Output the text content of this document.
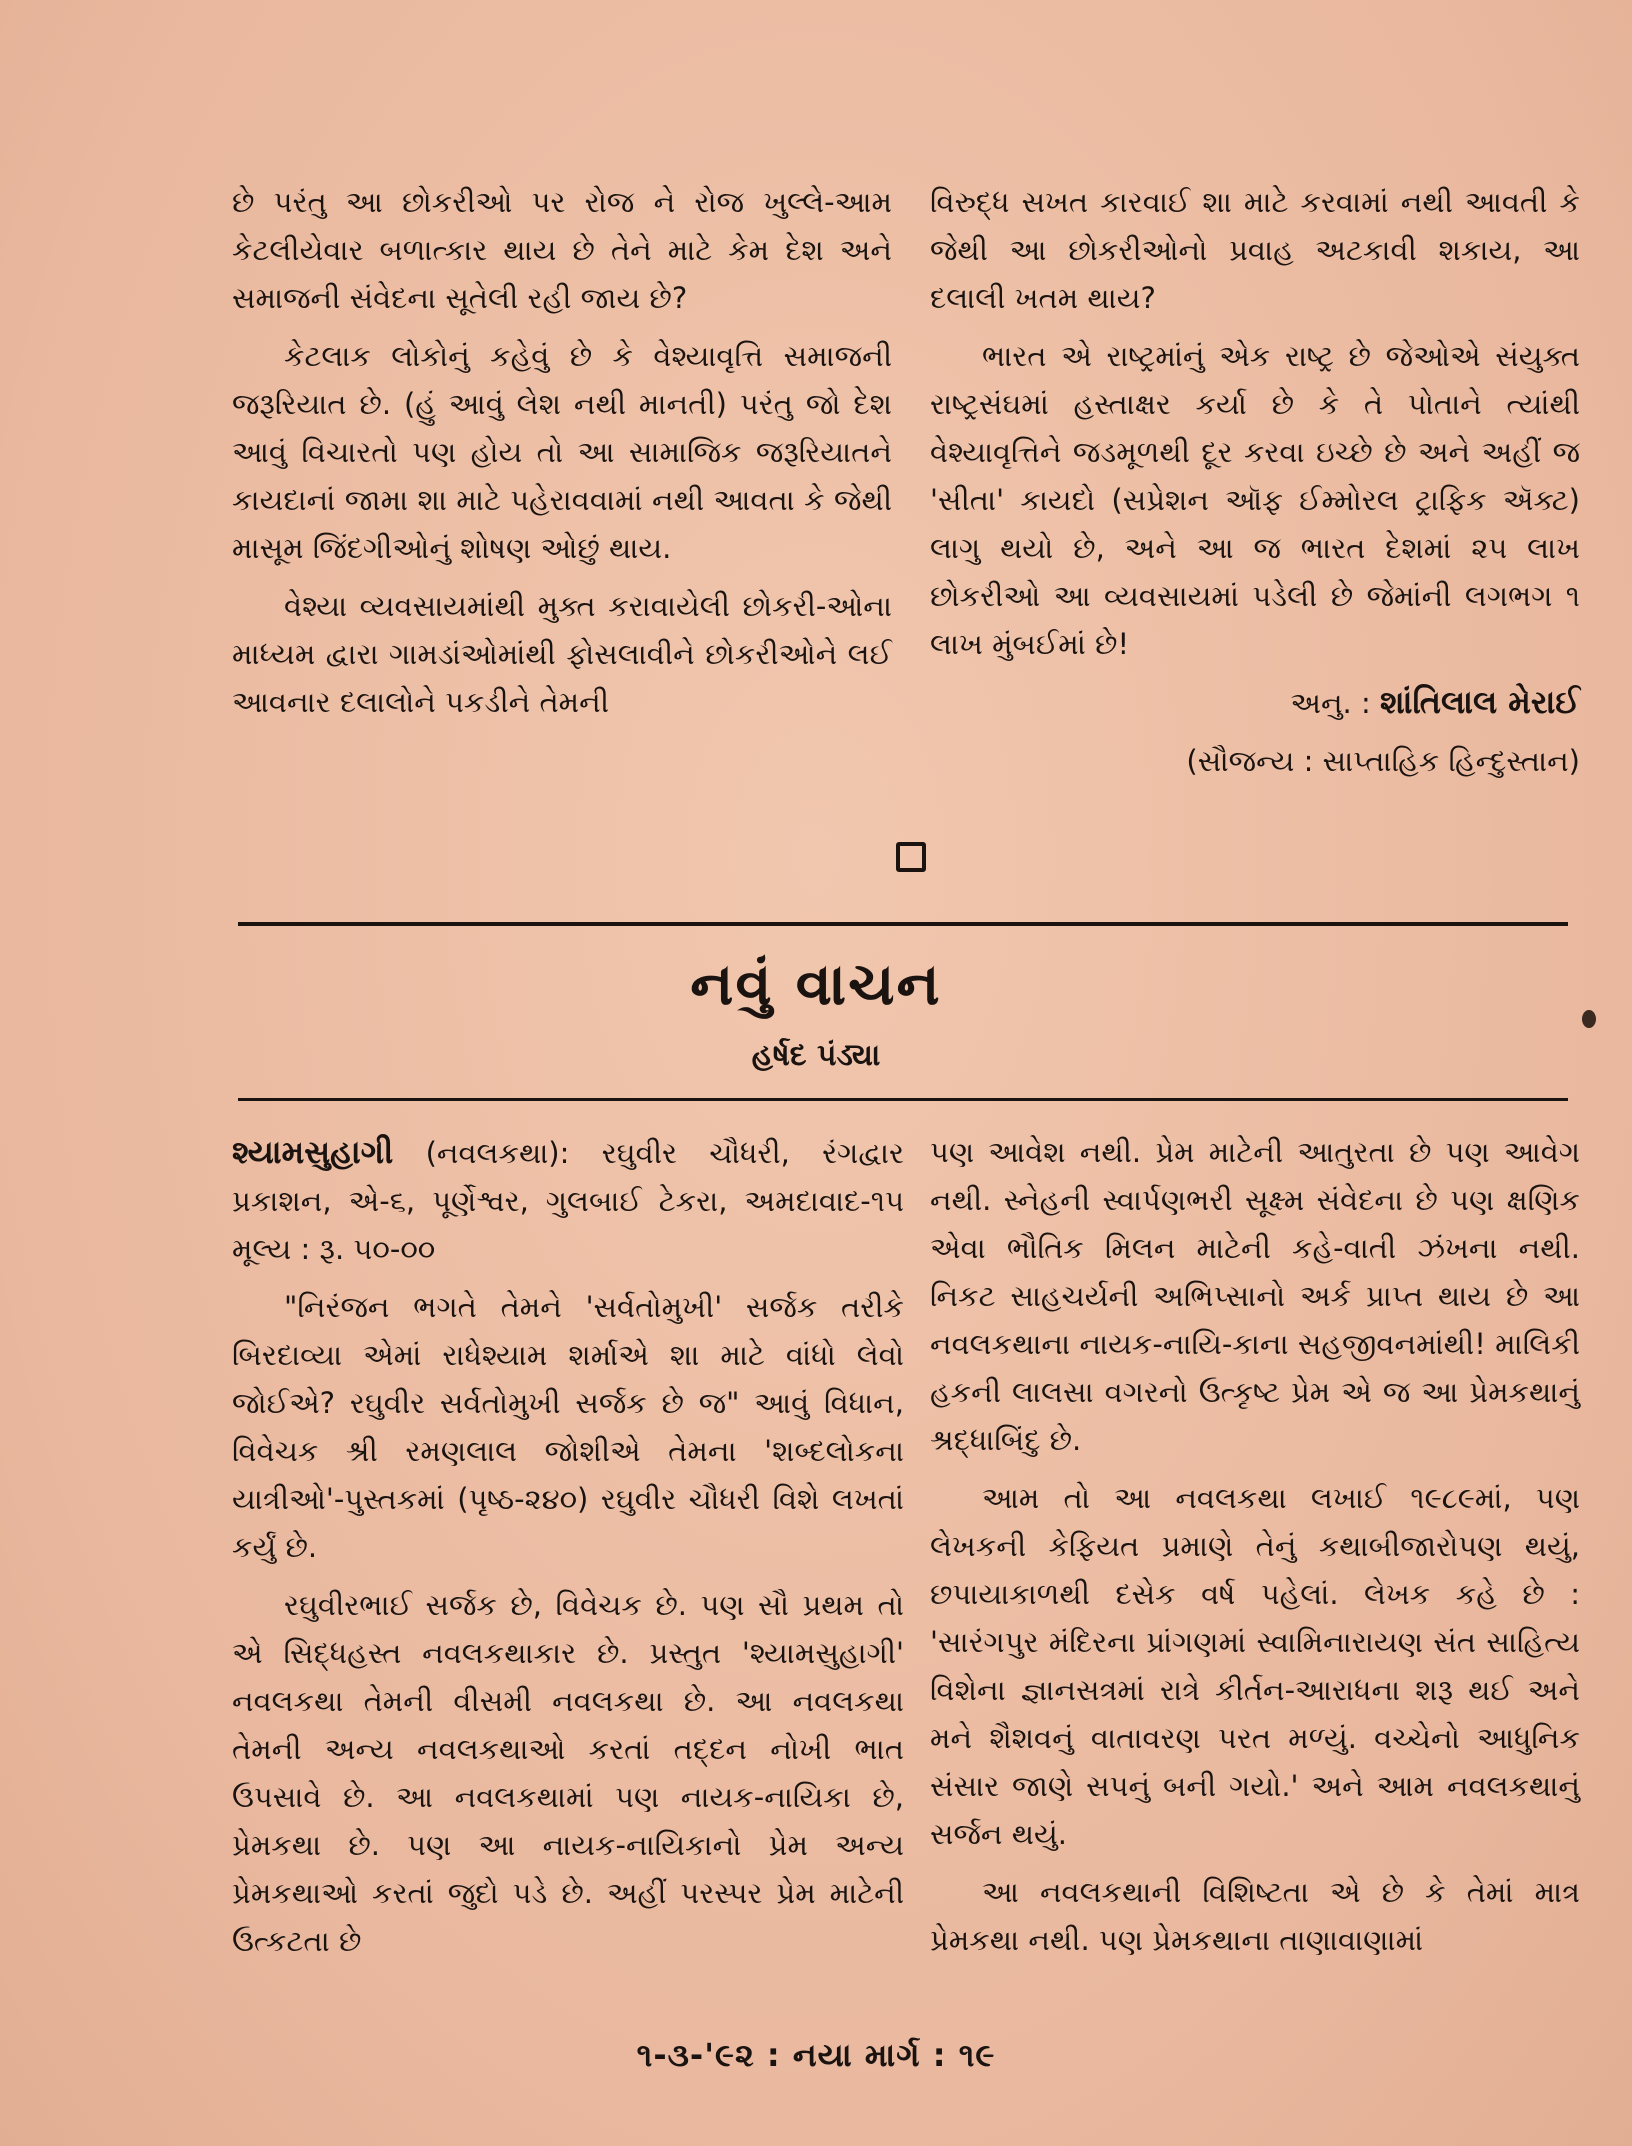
છે પરંતુ આ છોકરીઓ પર રોજ ને રોજ ખુલ્લે-આમ કેટલીયેવાર બળાત્કાર થાય છે તેને માટે કેમ દેશ અને સમાજની સંવેદના સૂતેલી રહી જાય છે?

કેટલાક લોકોનું કહેવું છે કે વેશ્યાવૃત્તિ સમાજની જરૂરિયાત છે. (હું આવું લેશ નથી માનતી) પરંતુ જો દેશ આવું વિચારતો પણ હોય તો આ સામાજિક જરૂરિયાતને કાયદાનાં જામા શા માટે પહેરાવવામાં નથી આવતા કે જેથી માસૂમ જિંદગીઓનું શોષણ ઓછું થાય.

વેશ્યા વ્યવસાયમાંથી મુક્ત કરાવાયેલી છોકરી-ઓના માધ્યમ દ્વારા ગામડાંઓમાંથી ફોસલાવીને છોકરીઓને લઈ આવનાર દલાલોને પકડીને તેમની

વિરુદ્ધ સખત કારવાઈ શા માટે કરવામાં નથી આવતી કે જેથી આ છોકરીઓનો પ્રવાહ અટકાવી શકાય, આ દલાલી ખતમ થાય?

ભારત એ રાષ્ટ્રમાંનું એક રાષ્ટ્ર છે જેઓએ સંયુક્ત રાષ્ટ્રસંઘમાં હસ્તાક્ષર કર્યા છે કે તે પોતાને ત્યાંથી વેશ્યાવૃત્તિને જડમૂળથી દૂર કરવા ઇચ્છે છે અને અહીં જ 'સીતા' કાયદો (સપ્રેશન ઑફ ઈમ્મોરલ ટ્રાફિક ઍક્ટ) લાગુ થયો છે, અને આ જ ભારત દેશમાં ૨૫ લાખ છોકરીઓ આ વ્યવસાયમાં પડેલી છે જેમાંની લગભગ ૧ લાખ મુંબઈમાં છે!

અનુ. : શાંતિલાલ મેરાઈ

(સૌજન્ય : સાપ્તાહિક હિન્દુસ્તાન)

નવું વાચન
હર્ષદ પંડ્યા

શ્યામસુહાગી (નવલકથા): રઘુવીર ચૌધરી, રંગદ્વાર પ્રકાશન, એ-૬, પૂર્ણેશ્વર, ગુલબાઈ ટેકરા, અમદાવાદ-૧૫ મૂલ્ય : રૂ. ૫૦-૦૦

"નિરંજન ભગતે તેમને 'સર્વતોમુખી' સર્જક તરીકે બિરદાવ્યા એમાં રાધેશ્યામ શર્માએ શા માટે વાંધો લેવો જોઈએ? રઘુવીર સર્વતોમુખી સર્જક છે જ" આવું વિધાન, વિવેચક શ્રી રમણલાલ જોશીએ તેમના 'શબ્દલોકના યાત્રીઓ'-પુસ્તકમાં (પૃષ્ઠ-૨૪૦) રઘુવીર ચૌધરી વિશે લખતાં કર્યું છે.

રઘુવીરભાઈ સર્જક છે, વિવેચક છે. પણ સૌ પ્રથમ તો એ સિદ્ધહસ્ત નવલકથાકાર છે. પ્રસ્તુત 'શ્યામસુહાગી' નવલકથા તેમની વીસમી નવલકથા છે. આ નવલકથા તેમની અન્ય નવલકથાઓ કરતાં તદ્દન નોખી ભાત ઉપસાવે છે. આ નવલકથામાં પણ નાયક-નાયિકા છે, પ્રેમકથા છે. પણ આ નાયક-નાયિકાનો પ્રેમ અન્ય પ્રેમકથાઓ કરતાં જુદો પડે છે. અહીં પરસ્પર પ્રેમ માટેની ઉત્કટતા છે

પણ આવેશ નથી. પ્રેમ માટેની આતુરતા છે પણ આવેગ નથી. સ્નેહની સ્વાર્પણભરી સૂક્ષ્મ સંવેદના છે પણ ક્ષણિક એવા ભૌતિક મિલન માટેની કહે-વાતી ઝંખના નથી. નિકટ સાહચર્યની અભિપ્સાનો અર્ક પ્રાપ્ત થાય છે આ નવલકથાના નાયક-નાયિ-કાના સહજીવનમાંથી! માલિકી હકની લાલસા વગરનો ઉત્કૃષ્ટ પ્રેમ એ જ આ પ્રેમકથાનું શ્રદ્ધાબિંદુ છે.

આમ તો આ નવલકથા લખાઈ ૧૯૮૯માં, પણ લેખકની કેફિયત પ્રમાણે તેનું કથાબીજારોપણ થયું, છપાયાકાળથી દસેક વર્ષ પહેલાં. લેખક કહે છે : 'સારંગપુર મંદિરના પ્રાંગણમાં સ્વામિનારાયણ સંત સાહિત્ય વિશેના જ્ઞાનસત્રમાં રાત્રે કીર્તન-આરાધના શરૂ થઈ અને મને શૈશવનું વાતાવરણ પરત મળ્યું. વચ્ચેનો આધુનિક સંસાર જાણે સપનું બની ગયો.' અને આમ નવલકથાનું સર્જન થયું.

આ નવલકથાની વિશિષ્ટતા એ છે કે તેમાં માત્ર પ્રેમકથા નથી. પણ પ્રેમકથાના તાણાવાણામાં

૧-૩-'૯૨ : નયા માર્ગ : ૧૯
